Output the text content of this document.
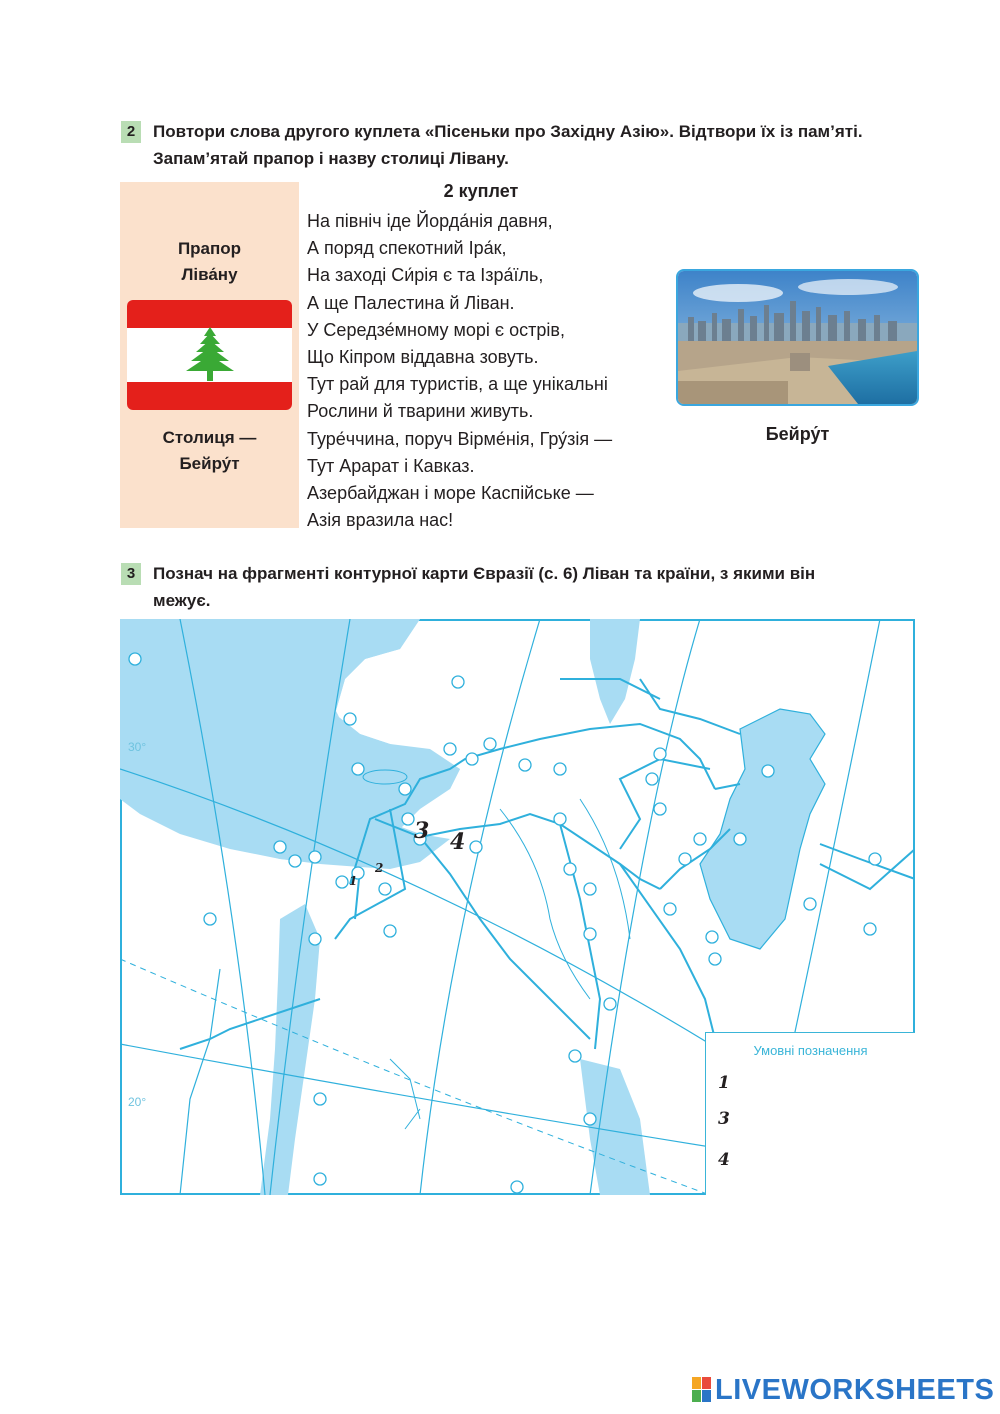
2	Повтори слова другого куплета «Пісеньки про Західну Азію». Відтвори їх із пам’яті.
Запам’ятай прапор і назву столиці Лівану.
Прапор
Ліва́ну
Столиця —
Бейру́т
2 куплет
На північ іде Йорда́нія давня,
А поряд спекотний Іра́к,
На заході Си́рія є та Ізра́їль,
А ще Палестина й Ліван.
У Середзе́мному морі є острів,
Що Кіпром віддавна зовуть.
Тут рай для туристів, а ще унікальні
Рослини й тварини живуть.
Туре́ччина, поруч Вірме́нія, Гру́зія —
Тут Арарат і Кавказ.
Азербайджан і море Каспійське —
Азія вразила нас!
Бейру́т
3	Познач на фрагменті контурної карти Євразії (с. 6) Ліван та країни, з якими він
межує.
30°
20°
1
2
3 4
Умовні позначення
1
3
4
LIVEWORKSHEETS
